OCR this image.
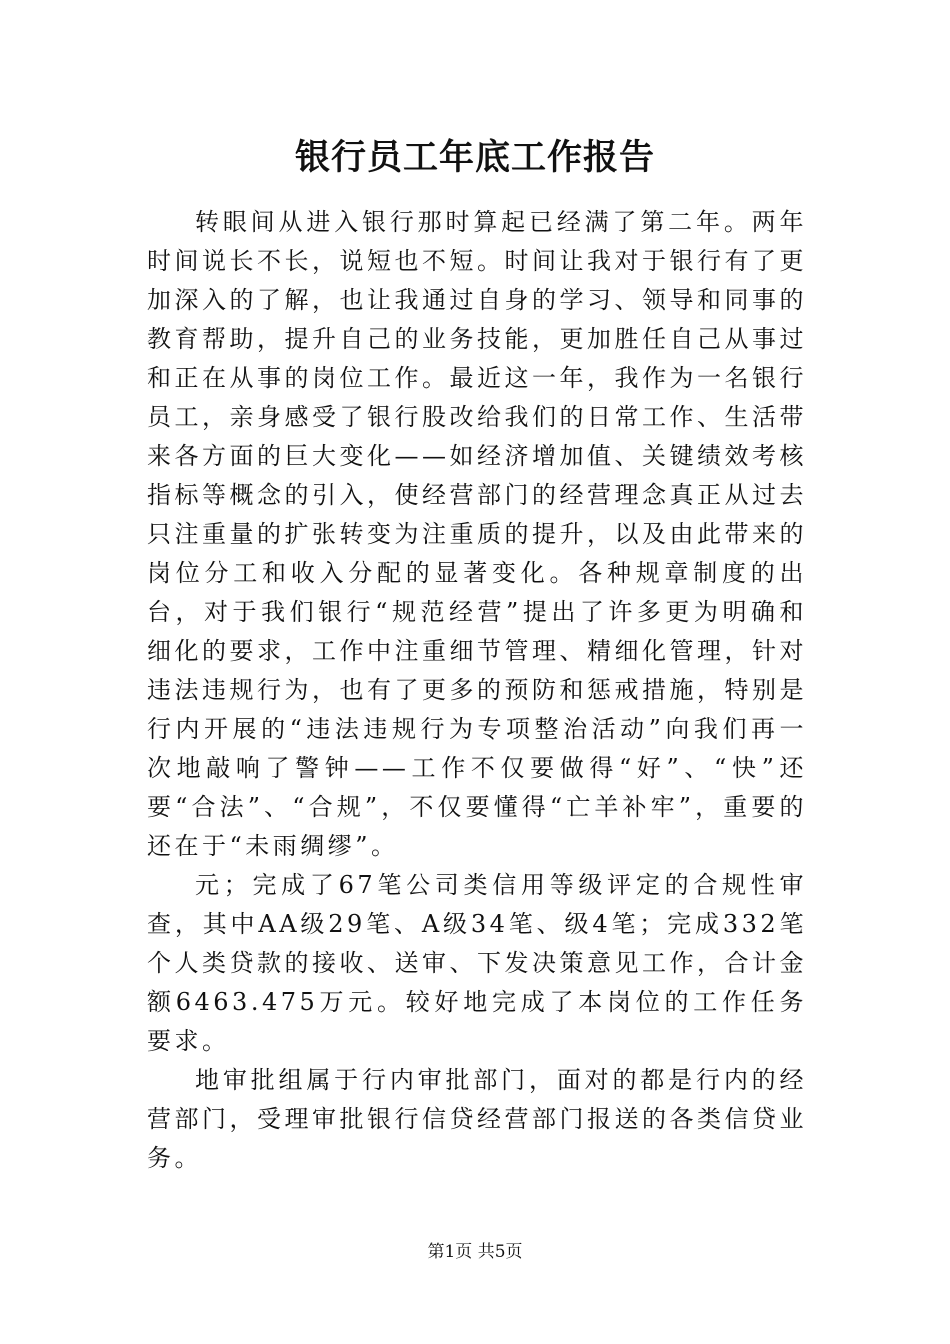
银行员工年底工作报告

转眼间从进入银行那时算起已经满了第二年。两年时间说长不长，说短也不短。时间让我对于银行有了更加深入的了解，也让我通过自身的学习、领导和同事的教育帮助，提升自己的业务技能，更加胜任自己从事过和正在从事的岗位工作。最近这一年，我作为一名银行员工，亲身感受了银行股改给我们的日常工作、生活带来各方面的巨大变化——如经济增加值、关键绩效考核指标等概念的引入，使经营部门的经营理念真正从过去只注重量的扩张转变为注重质的提升，以及由此带来的岗位分工和收入分配的显著变化。各种规章制度的出台，对于我们银行“规范经营”提出了许多更为明确和细化的要求，工作中注重细节管理、精细化管理，针对违法违规行为，也有了更多的预防和惩戒措施，特别是行内开展的“违法违规行为专项整治活动”向我们再一次地敲响了警钟——工作不仅要做得“好”、“快”还要“合法”、“合规”，不仅要懂得“亡羊补牢”，重要的还在于“未雨绸缪”。

元；完成了67笔公司类信用等级评定的合规性审查，其中AA级29笔、A级34笔、级4笔；完成332笔个人类贷款的接收、送审、下发决策意见工作，合计金额6463.475万元。较好地完成了本岗位的工作任务要求。

地审批组属于行内审批部门，面对的都是行内的经营部门，受理审批银行信贷经营部门报送的各类信贷业务。

第1页 共5页
